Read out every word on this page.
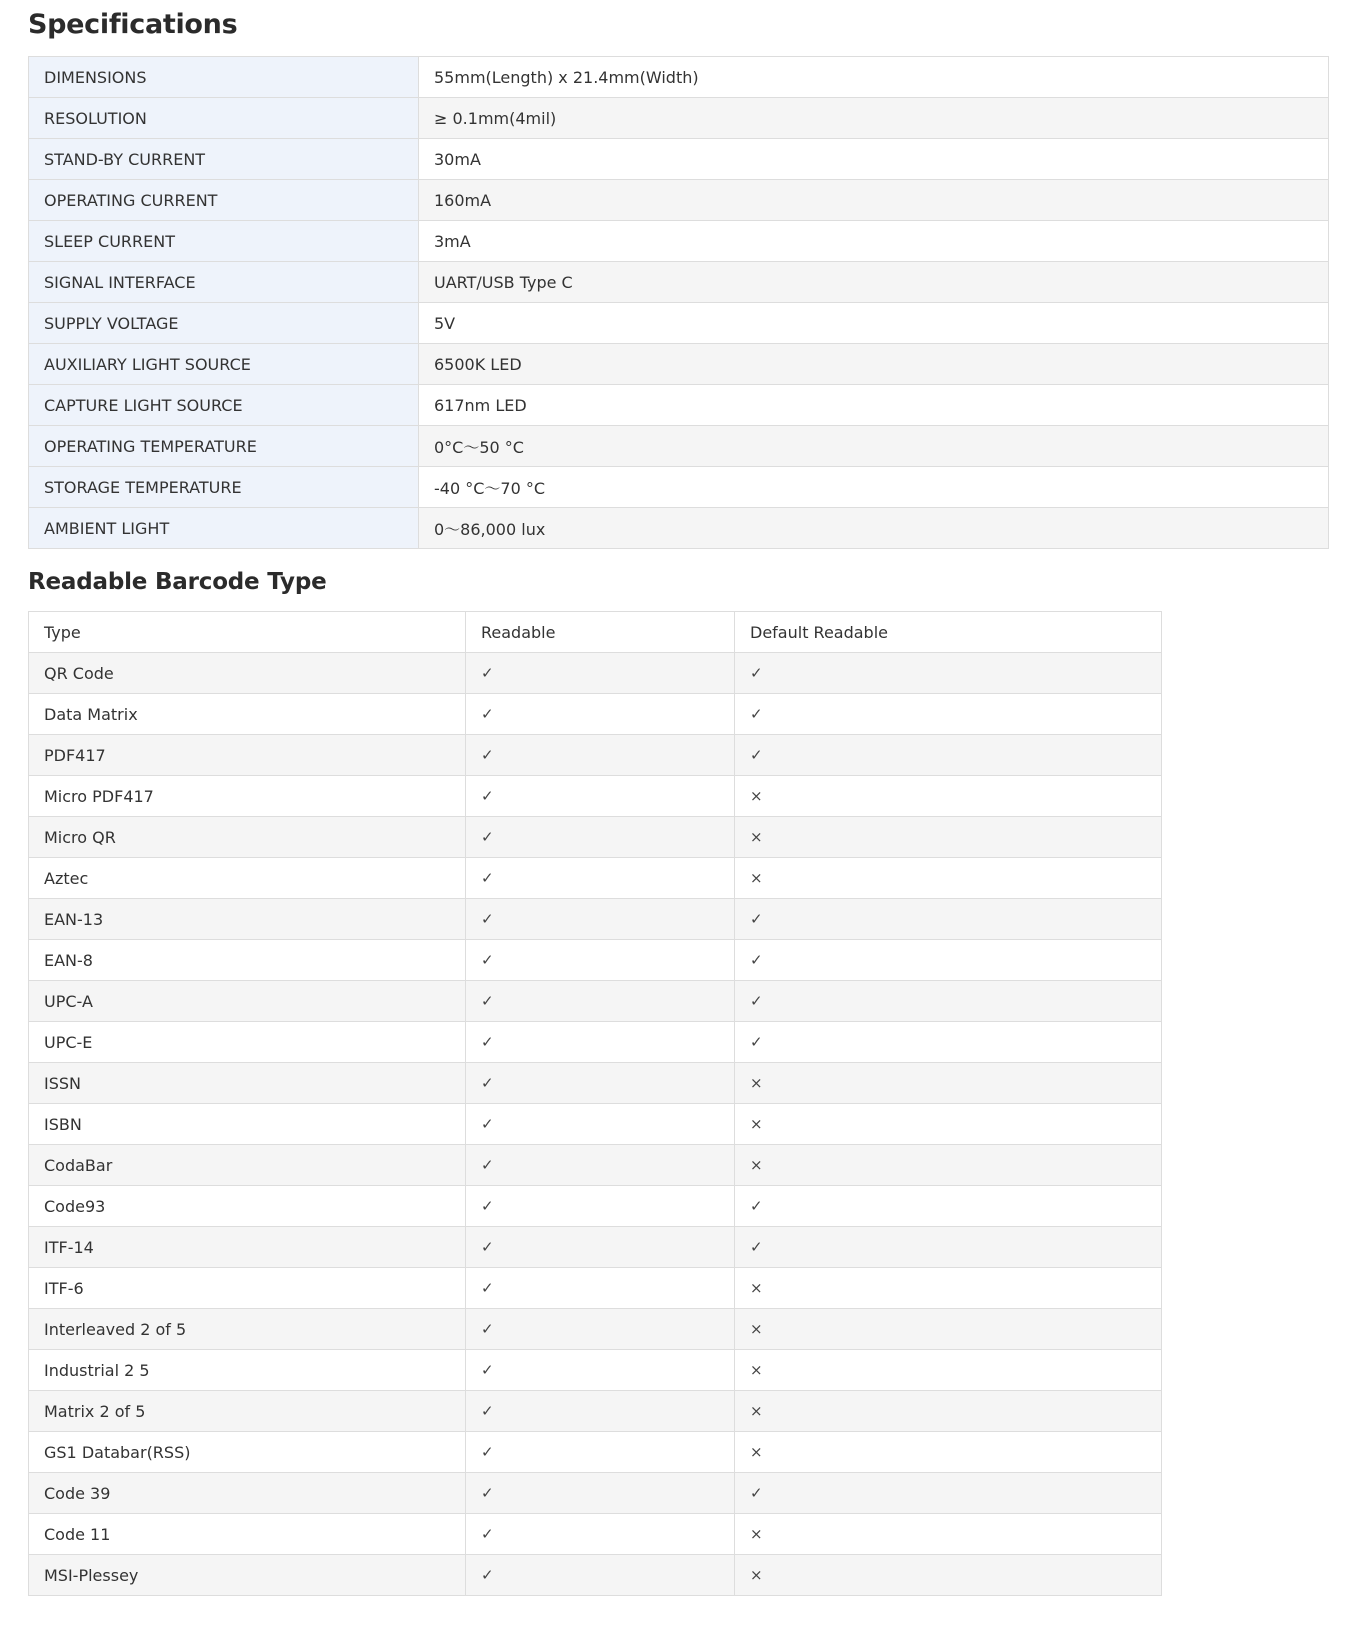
Specifications
DIMENSIONS	55mm(Length) x 21.4mm(Width)
RESOLUTION	≥ 0.1mm(4mil)
STAND-BY CURRENT	30mA
OPERATING CURRENT	160mA
SLEEP CURRENT	3mA
SIGNAL INTERFACE	UART/USB Type C
SUPPLY VOLTAGE	5V
AUXILIARY LIGHT SOURCE	6500K LED
CAPTURE LIGHT SOURCE	617nm LED
OPERATING TEMPERATURE	0°C～50 °C
STORAGE TEMPERATURE	-40 °C～70 °C
AMBIENT LIGHT	0～86,000 lux
Readable Barcode Type
Type	Readable	Default Readable
QR Code	✓	✓
Data Matrix	✓	✓
PDF417	✓	✓
Micro PDF417	✓	×
Micro QR	✓	×
Aztec	✓	×
EAN-13	✓	✓
EAN-8	✓	✓
UPC-A	✓	✓
UPC-E	✓	✓
ISSN	✓	×
ISBN	✓	×
CodaBar	✓	×
Code93	✓	✓
ITF-14	✓	✓
ITF-6	✓	×
Interleaved 2 of 5	✓	×
Industrial 2 5	✓	×
Matrix 2 of 5	✓	×
GS1 Databar(RSS)	✓	×
Code 39	✓	✓
Code 11	✓	×
MSI-Plessey	✓	×
